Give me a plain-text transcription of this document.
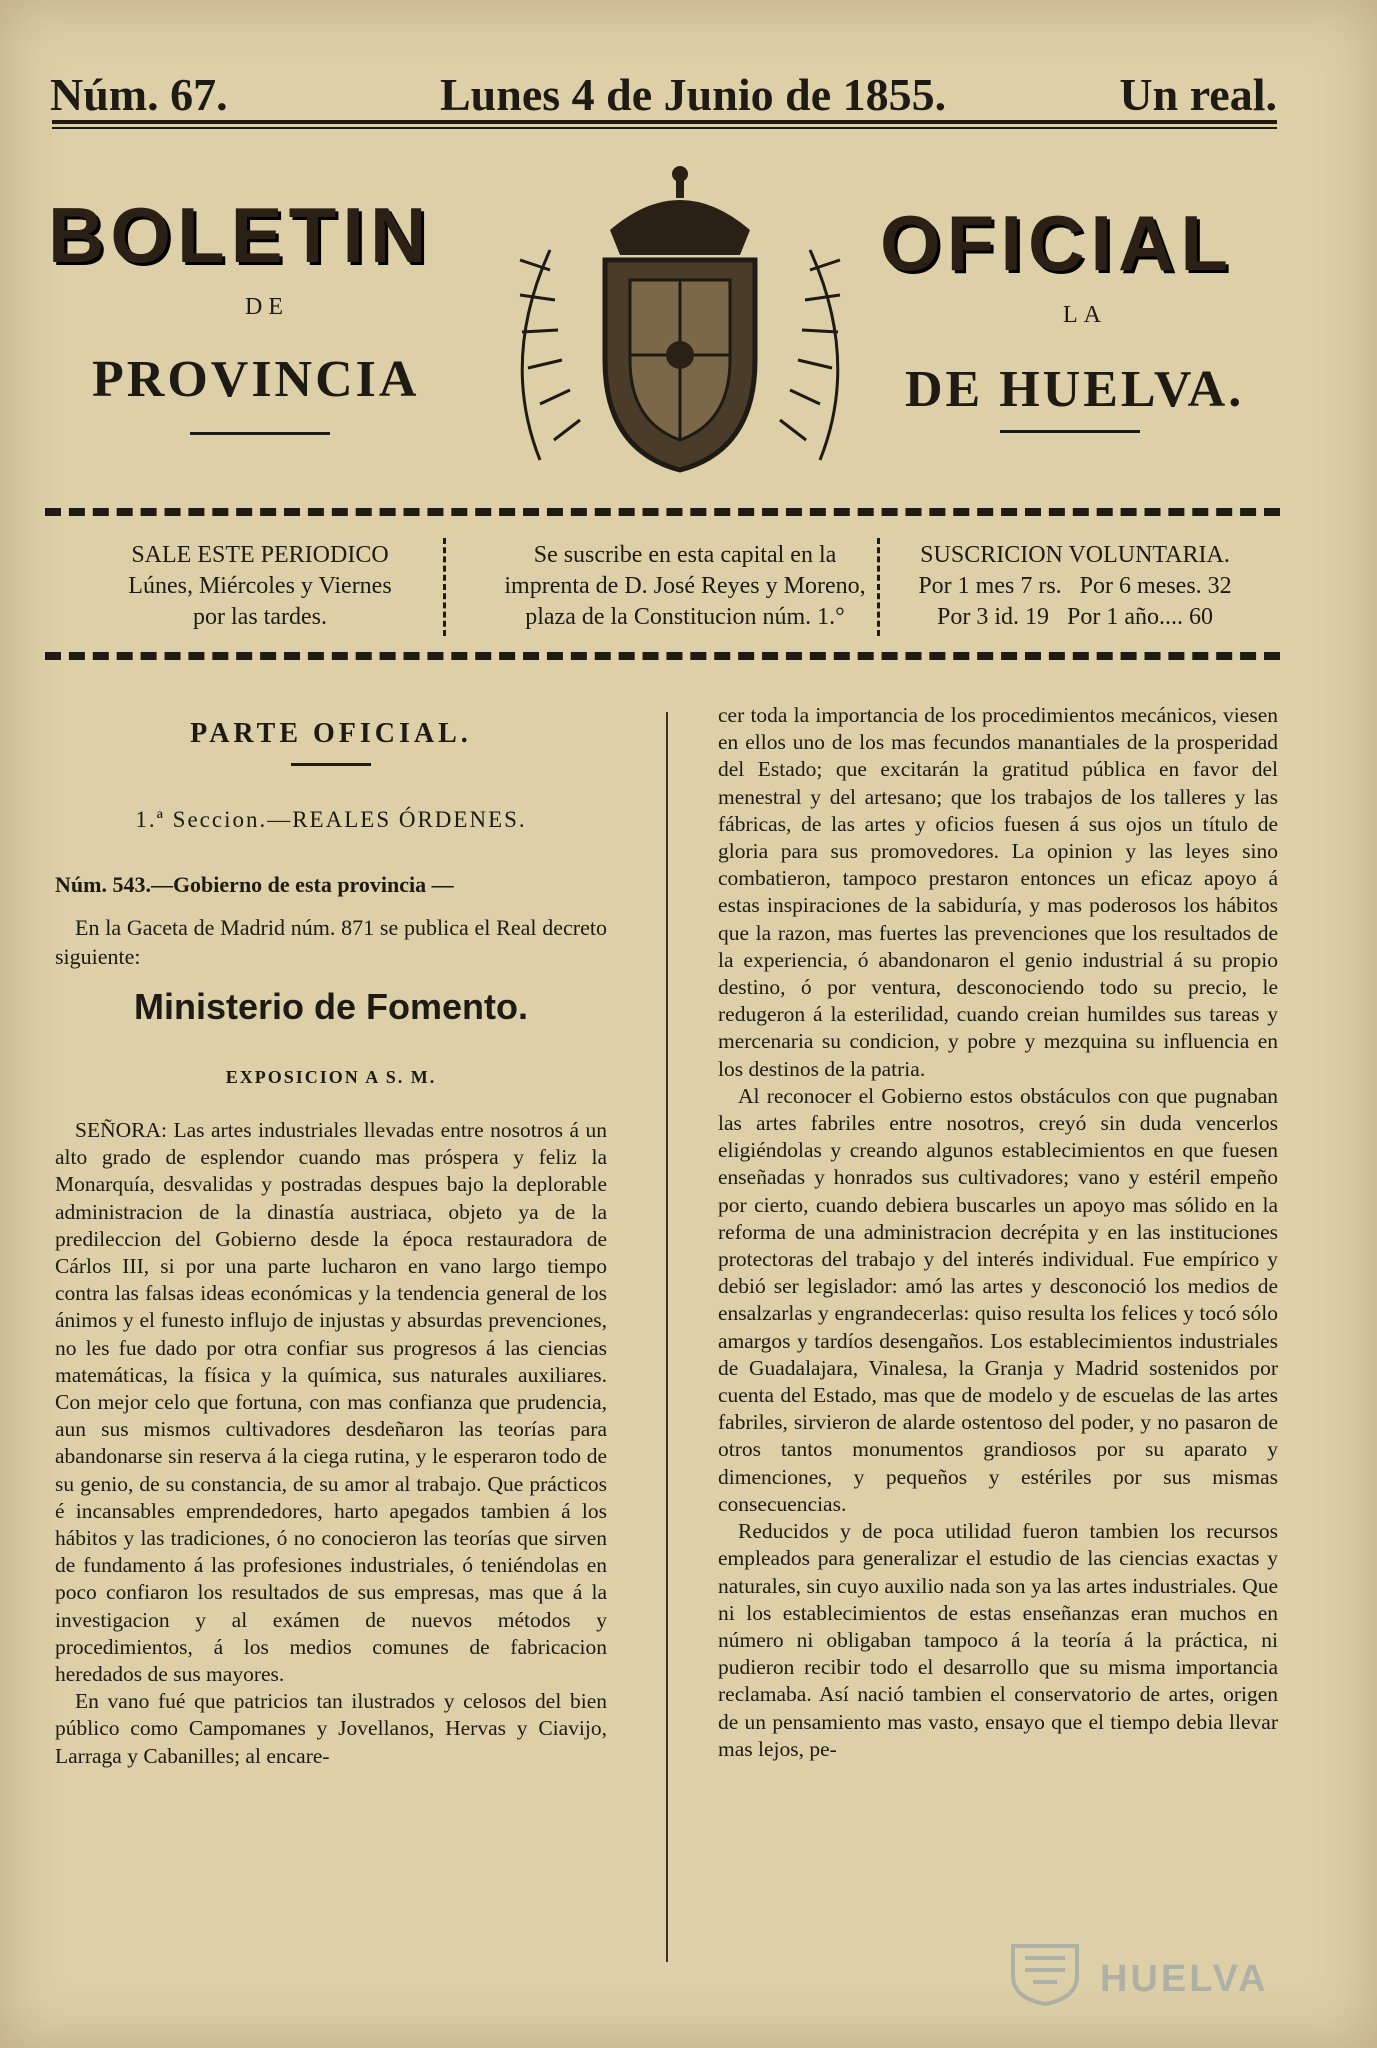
Núm. 67.	Lunes 4 de Junio de 1855.	Un real.
BOLETIN	OFICIAL
DE	LA
PROVINCIA	DE HUELVA.
SALE ESTE PERIODICO
Lúnes, Miércoles y Viernes
por las tardes.
Se suscribe en esta capital en la
imprenta de D. José Reyes y Moreno,
plaza de la Constitucion núm. 1.°
SUSCRICION VOLUNTARIA.
Por 1 mes 7 rs.   Por 6 meses. 32
Por 3 id. 19   Por 1 año.... 60

PARTE OFICIAL.

1.ª Seccion.—REALES ÓRDENES.

Núm. 543.—Gobierno de esta provincia —

En la Gaceta de Madrid núm. 871 se publica el Real decreto siguiente:

Ministerio de Fomento.

EXPOSICION A S. M.

SEÑORA: Las artes industriales llevadas entre nosotros á un alto grado de esplendor cuando mas próspera y feliz la Monarquía, desvalidas y postradas despues bajo la deplorable administracion de la dinastía austriaca, objeto ya de la predileccion del Gobierno desde la época restauradora de Cárlos III, si por una parte lucharon en vano largo tiempo contra las falsas ideas económicas y la tendencia general de los ánimos y el funesto influjo de injustas y absurdas prevenciones, no les fue dado por otra confiar sus progresos á las ciencias matemáticas, la física y la química, sus naturales auxiliares. Con mejor celo que fortuna, con mas confianza que prudencia, aun sus mismos cultivadores desdeñaron las teorías para abandonarse sin reserva á la ciega rutina, y le esperaron todo de su genio, de su constancia, de su amor al trabajo. Que prácticos é incansables emprendedores, harto apegados tambien á los hábitos y las tradiciones, ó no conocieron las teorías que sirven de fundamento á las profesiones industriales, ó teniéndolas en poco confiaron los resultados de sus empresas, mas que á la investigacion y al exámen de nuevos métodos y procedimientos, á los medios comunes de fabricacion heredados de sus mayores.

En vano fué que patricios tan ilustrados y celosos del bien público como Campomanes y Jovellanos, Hervas y Ciavijo, Larraga y Cabanilles; al encare-

cer toda la importancia de los procedimientos mecánicos, viesen en ellos uno de los mas fecundos manantiales de la prosperidad del Estado; que excitarán la gratitud pública en favor del menestral y del artesano; que los trabajos de los talleres y las fábricas, de las artes y oficios fuesen á sus ojos un título de gloria para sus promovedores. La opinion y las leyes sino combatieron, tampoco prestaron entonces un eficaz apoyo á estas inspiraciones de la sabiduría, y mas poderosos los hábitos que la razon, mas fuertes las prevenciones que los resultados de la experiencia, ó abandonaron el genio industrial á su propio destino, ó por ventura, desconociendo todo su precio, le redugeron á la esterilidad, cuando creian humildes sus tareas y mercenaria su condicion, y pobre y mezquina su influencia en los destinos de la patria.

Al reconocer el Gobierno estos obstáculos con que pugnaban las artes fabriles entre nosotros, creyó sin duda vencerlos eligiéndolas y creando algunos establecimientos en que fuesen enseñadas y honrados sus cultivadores; vano y estéril empeño por cierto, cuando debiera buscarles un apoyo mas sólido en la reforma de una administracion decrépita y en las instituciones protectoras del trabajo y del interés individual. Fue empírico y debió ser legislador: amó las artes y desconoció los medios de ensalzarlas y engrandecerlas: quiso resulta los felices y tocó sólo amargos y tardíos desengaños. Los establecimientos industriales de Guadalajara, Vinalesa, la Granja y Madrid sostenidos por cuenta del Estado, mas que de modelo y de escuelas de las artes fabriles, sirvieron de alarde ostentoso del poder, y no pasaron de otros tantos monumentos grandiosos por su aparato y dimenciones, y pequeños y estériles por sus mismas consecuencias.

Reducidos y de poca utilidad fueron tambien los recursos empleados para generalizar el estudio de las ciencias exactas y naturales, sin cuyo auxilio nada son ya las artes industriales. Que ni los establecimientos de estas enseñanzas eran muchos en número ni obligaban tampoco á la teoría á la práctica, ni pudieron recibir todo el desarrollo que su misma importancia reclamaba. Así nació tambien el conservatorio de artes, origen de un pensamiento mas vasto, ensayo que el tiempo debia llevar mas lejos, pe-

HUELVA
